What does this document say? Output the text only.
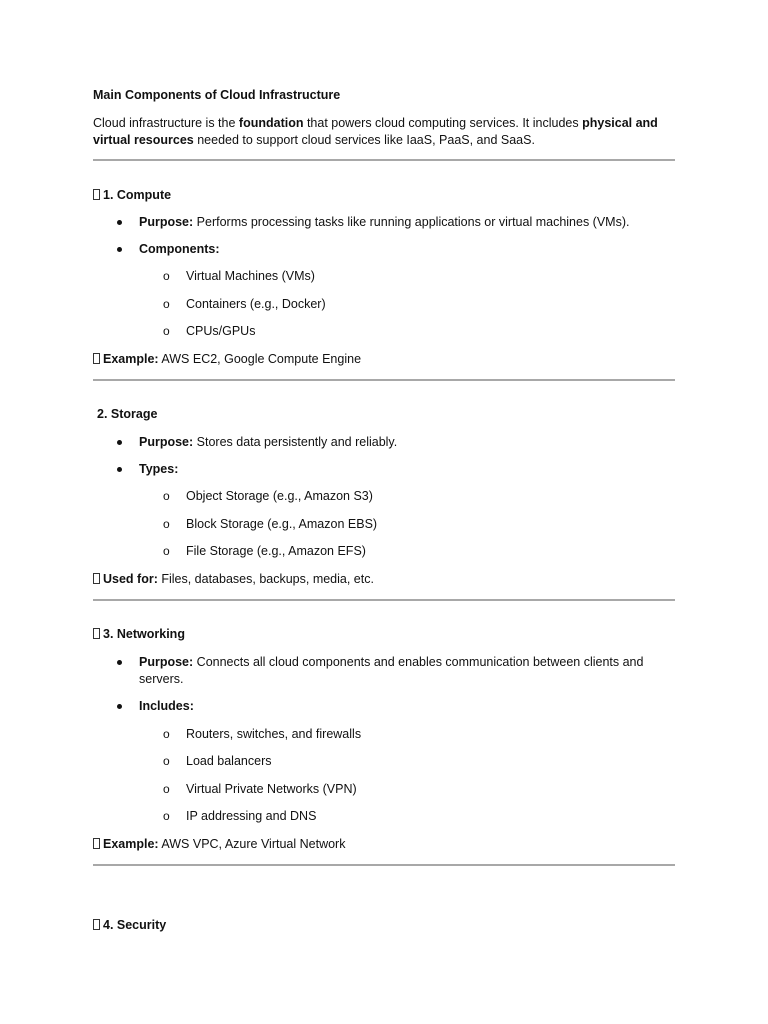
Main Components of Cloud Infrastructure
Cloud infrastructure is the foundation that powers cloud computing services. It includes physical and
virtual resources needed to support cloud services like IaaS, PaaS, and SaaS.
1. Compute
Purpose: Performs processing tasks like running applications or virtual machines (VMs).
Components:
o Virtual Machines (VMs)
o Containers (e.g., Docker)
o CPUs/GPUs
Example: AWS EC2, Google Compute Engine
2. Storage
Purpose: Stores data persistently and reliably.
Types:
o Object Storage (e.g., Amazon S3)
o Block Storage (e.g., Amazon EBS)
o File Storage (e.g., Amazon EFS)
Used for: Files, databases, backups, media, etc.
3. Networking
Purpose: Connects all cloud components and enables communication between clients and
servers.
Includes:
o Routers, switches, and firewalls
o Load balancers
o Virtual Private Networks (VPN)
o IP addressing and DNS
Example: AWS VPC, Azure Virtual Network
4. Security
